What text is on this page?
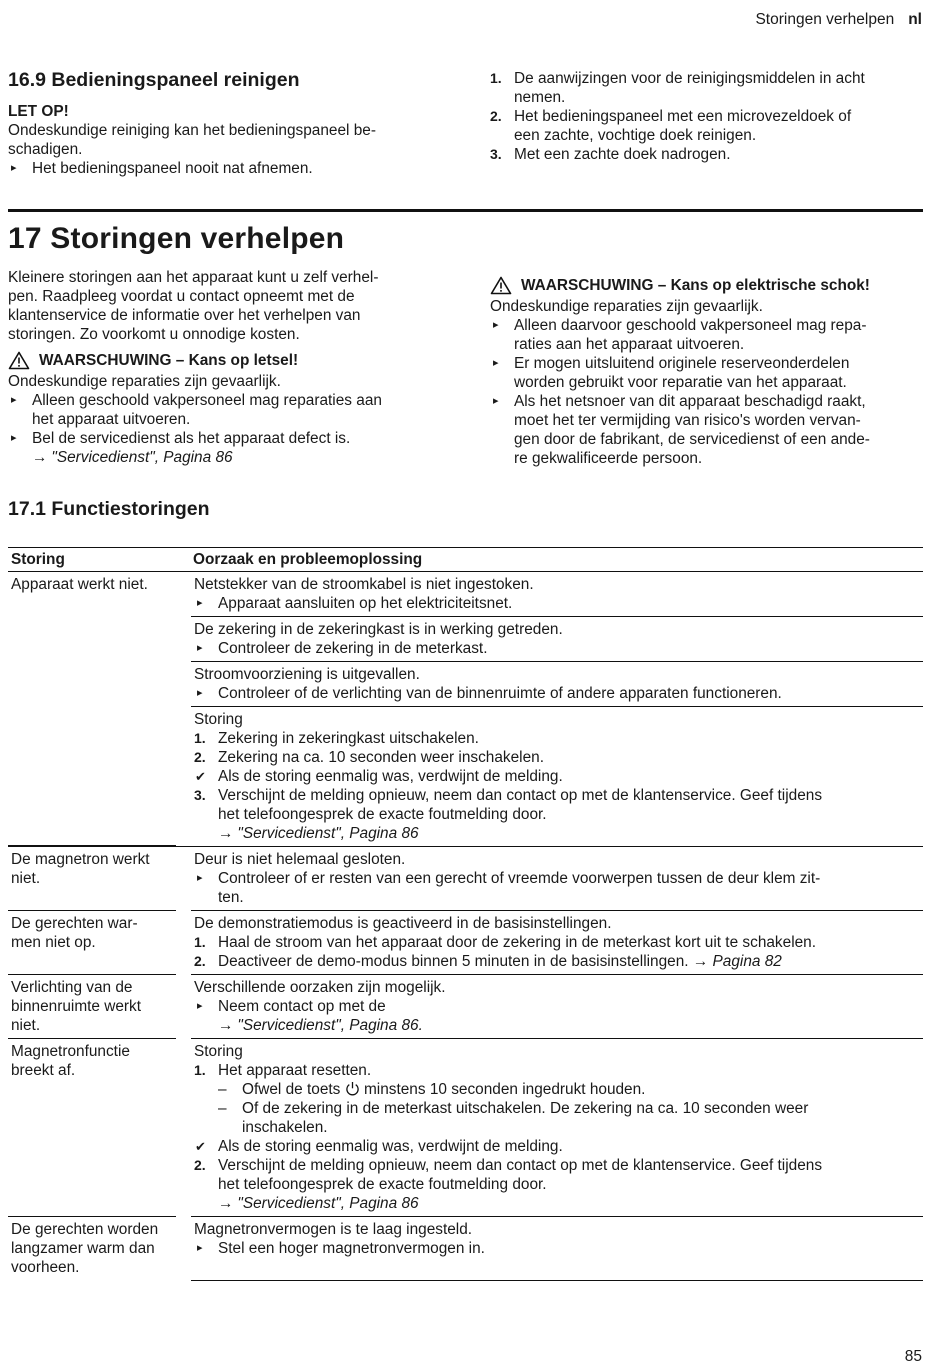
Storingen verhelpen nl
16.9 Bedieningspaneel reinigen

LET OP!

Ondeskundige reiniging kan het bedieningspaneel be-

schadigen.

▸ Het bedieningspaneel nooit nat afnemen.

1. De aanwijzingen voor de reinigingsmiddelen in acht

nemen.

2. Het bedieningspaneel met een microvezeldoek of

een zachte, vochtige doek reinigen.

3. Met een zachte doek nadrogen.

17 Storingen verhelpen

Kleinere storingen aan het apparaat kunt u zelf verhel-

pen. Raadpleeg voordat u contact opneemt met de

klantenservice de informatie over het verhelpen van

storingen. Zo voorkomt u onnodige kosten.

WAARSCHUWING – Kans op letsel!

Ondeskundige reparaties zijn gevaarlijk.

▸ Alleen geschoold vakpersoneel mag reparaties aan

het apparaat uitvoeren.

▸ Bel de servicedienst als het apparaat defect is.

→ "Servicedienst", Pagina 86

WAARSCHUWING – Kans op elektrische schok!

Ondeskundige reparaties zijn gevaarlijk.

▸ Alleen daarvoor geschoold vakpersoneel mag repa-

raties aan het apparaat uitvoeren.

▸ Er mogen uitsluitend originele reserveonderdelen

worden gebruikt voor reparatie van het apparaat.

▸ Als het netsnoer van dit apparaat beschadigd raakt,

moet het ter vermijding van risico's worden vervan-

gen door de fabrikant, de servicedienst of een ande-

re gekwalificeerde persoon.

17.1 Functiestoringen
Storing	Oorzaak en probleemoplossing
Apparaat werkt niet.	Netstekker van de stroomkabel is niet ingestoken.

▸ Apparaat aansluiten op het elektriciteitsnet.

De zekering in de zekeringkast is in werking getreden.

▸ Controleer de zekering in de meterkast.

Stroomvoorziening is uitgevallen.

▸ Controleer of de verlichting van de binnenruimte of andere apparaten functioneren.

Storing

1. Zekering in zekeringkast uitschakelen.

2. Zekering na ca. 10 seconden weer inschakelen.

✔ Als de storing eenmalig was, verdwijnt de melding.

3. Verschijnt de melding opnieuw, neem dan contact op met de klantenservice. Geef tijdens

het telefoongesprek de exacte foutmelding door.

→ "Servicedienst", Pagina 86

De magnetron werkt

niet.

Deur is niet helemaal gesloten.

▸ Controleer of er resten van een gerecht of vreemde voorwerpen tussen de deur klem zit-

ten.

De gerechten war-

men niet op.

De demonstratiemodus is geactiveerd in de basisinstellingen.

1. Haal de stroom van het apparaat door de zekering in de meterkast kort uit te schakelen.

2. Deactiveer de demo-modus binnen 5 minuten in de basisinstellingen. → Pagina 82

Verlichting van de

binnenruimte werkt

niet.

Verschillende oorzaken zijn mogelijk.

▸ Neem contact op met de

→ "Servicedienst", Pagina 86.

Magnetronfunctie

breekt af.

Storing

1. Het apparaat resetten.

– Ofwel de toets minstens 10 seconden ingedrukt houden.

– Of de zekering in de meterkast uitschakelen. De zekering na ca. 10 seconden weer

inschakelen.

✔ Als de storing eenmalig was, verdwijnt de melding.

2. Verschijnt de melding opnieuw, neem dan contact op met de klantenservice. Geef tijdens

het telefoongesprek de exacte foutmelding door.

→ "Servicedienst", Pagina 86

De gerechten worden

langzamer warm dan

voorheen.

Magnetronvermogen is te laag ingesteld.

▸ Stel een hoger magnetronvermogen in.

85
